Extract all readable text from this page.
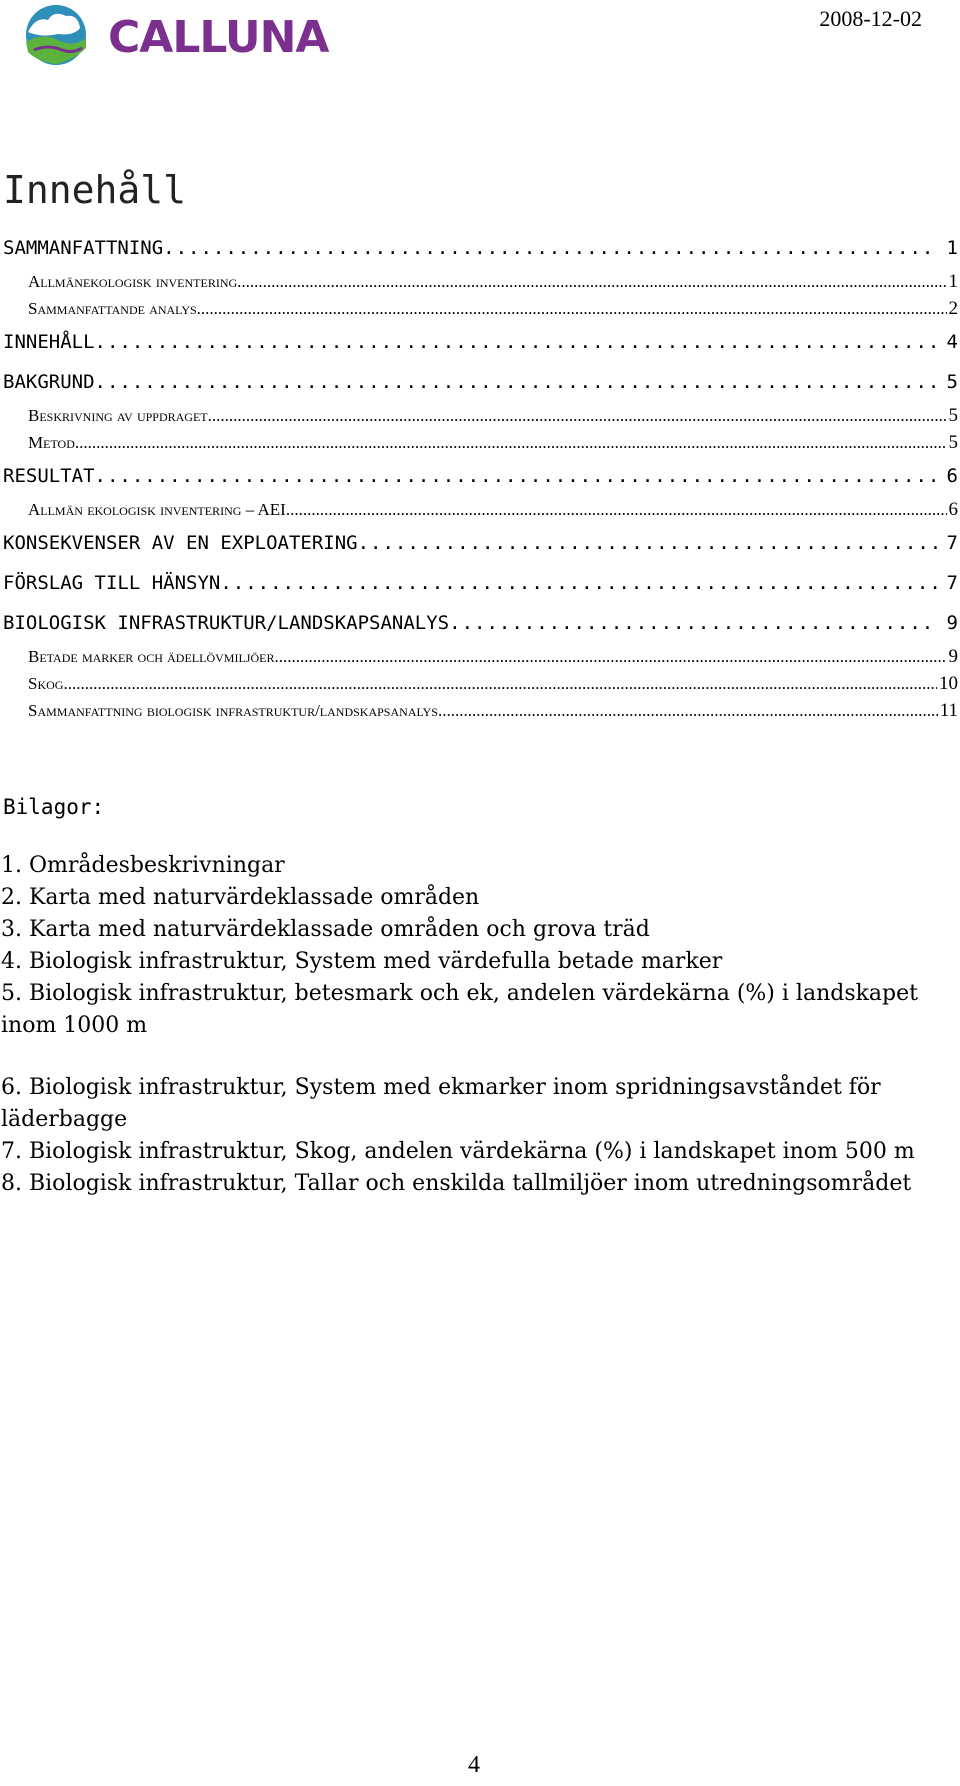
CALLUNA	2008-12-02
Innehåll
SAMMANFATTNING .....	1
Allmänekologisk inventering .....	1
Sammanfattande analys .....	2
INNEHÅLL .....	4
BAKGRUND .....	5
Beskrivning av uppdraget .....	5
Metod .....	5
RESULTAT .....	6
Allmän ekologisk inventering – AEI .....	6
KONSEKVENSER AV EN EXPLOATERING .....	7
FÖRSLAG TILL HÄNSYN .....	7
BIOLOGISK INFRASTRUKTUR/LANDSKAPSANALYS .....	9
Betade marker och ädellövmiljöer .....	9
Skog .....	10
Sammanfattning biologisk infrastruktur/landskapsanalys .....	11
Bilagor:

1. Områdesbeskrivningar

2. Karta med naturvärdeklassade områden

3. Karta med naturvärdeklassade områden och grova träd

4. Biologisk infrastruktur, System med värdefulla betade marker

5. Biologisk infrastruktur, betesmark och ek, andelen värdekärna (%) i landskapet inom 1000 m

6. Biologisk infrastruktur, System med ekmarker inom spridningsavståndet för läderbagge

7. Biologisk infrastruktur, Skog, andelen värdekärna (%) i landskapet inom 500 m

8. Biologisk infrastruktur, Tallar och enskilda tallmiljöer inom utredningsområdet

4
